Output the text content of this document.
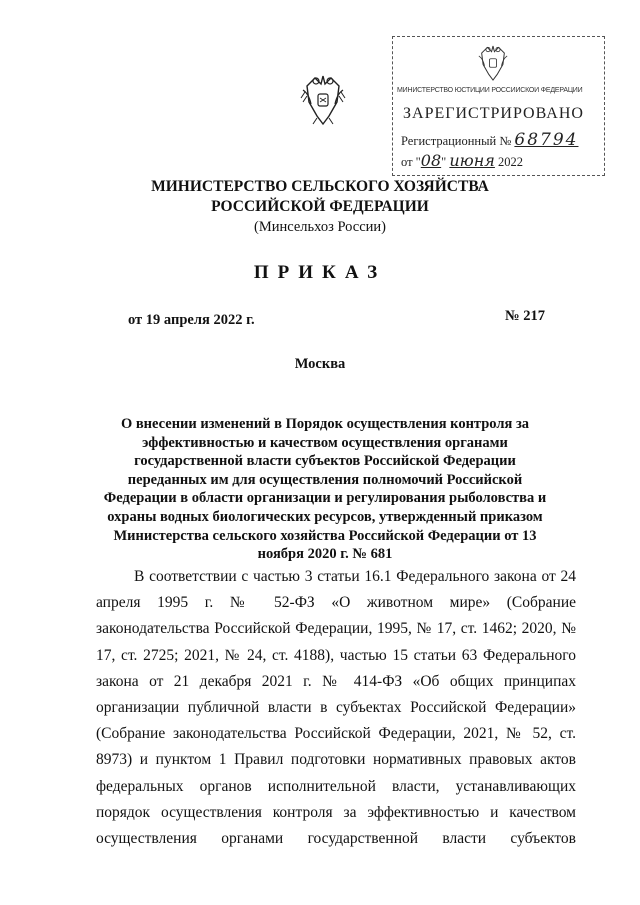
МИНИСТЕРСТВО ЮСТИЦИИ РОССИЙСКОЙ ФЕДЕРАЦИИ
ЗАРЕГИСТРИРОВАНО
Регистрационный № 68794
от "08" июня 2022
МИНИСТЕРСТВО СЕЛЬСКОГО ХОЗЯЙСТВА РОССИЙСКОЙ ФЕДЕРАЦИИ
(Минсельхоз России)
ПРИКАЗ
от 19 апреля 2022 г.	№ 217
Москва
О внесении изменений в Порядок осуществления контроля за эффективностью и качеством осуществления органами государственной власти субъектов Российской Федерации переданных им для осуществления полномочий Российской Федерации в области организации и регулирования рыболовства и охраны водных биологических ресурсов, утвержденный приказом Министерства сельского хозяйства Российской Федерации от 13 ноября 2020 г. № 681
В соответствии с частью 3 статьи 16.1 Федерального закона от 24 апреля 1995 г. № 52-ФЗ «О животном мире» (Собрание законодательства Российской Федерации, 1995, № 17, ст. 1462; 2020, № 17, ст. 2725; 2021, № 24, ст. 4188), частью 15 статьи 63 Федерального закона от 21 декабря 2021 г. № 414-ФЗ «Об общих принципах организации публичной власти в субъектах Российской Федерации» (Собрание законодательства Российской Федерации, 2021, № 52, ст. 8973) и пунктом 1 Правил подготовки нормативных правовых актов федеральных органов исполнительной власти, устанавливающих порядок осуществления контроля за эффективностью и качеством осуществления органами государственной власти субъектов
